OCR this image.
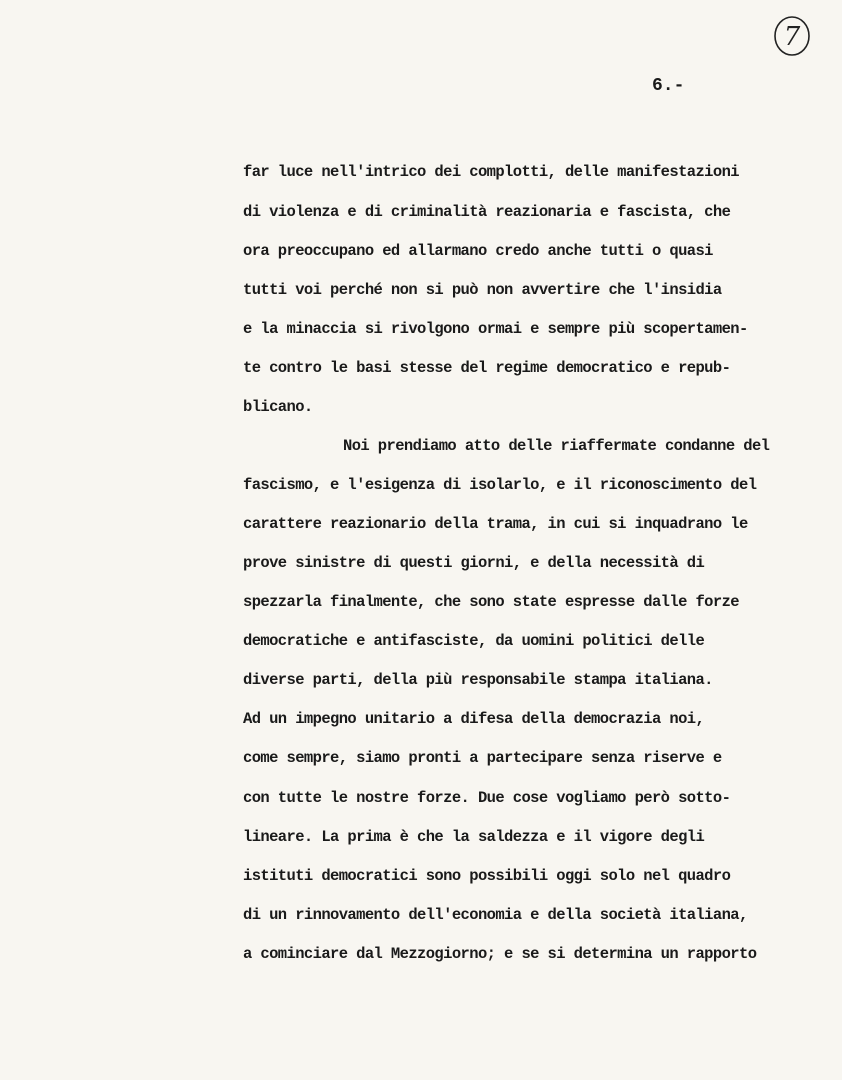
7
6.-
far luce nell'intrico dei complotti, delle manifestazioni
di violenza e di criminalità reazionaria e fascista, che
ora preoccupano ed allarmano credo anche tutti o quasi
tutti voi perché non si può non avvertire che l'insidia
e la minaccia si rivolgono ormai e sempre più scopertamen-
te contro le basi stesse del regime democratico e repub-
blicano.
Noi prendiamo atto delle riaffermate condanne del
fascismo, e l'esigenza di isolarlo, e il riconoscimento del
carattere reazionario della trama, in cui si inquadrano le
prove sinistre di questi giorni, e della necessità di
spezzarla finalmente, che sono state espresse dalle forze
democratiche e antifasciste, da uomini politici delle
diverse parti, della più responsabile stampa italiana.
Ad un impegno unitario a difesa della democrazia noi,
come sempre, siamo pronti a partecipare senza riserve e
con tutte le nostre forze. Due cose vogliamo però sotto-
lineare. La prima è che la saldezza e il vigore degli
istituti democratici sono possibili oggi solo nel quadro
di un rinnovamento dell'economia e della società italiana,
a cominciare dal Mezzogiorno; e se si determina un rapporto
